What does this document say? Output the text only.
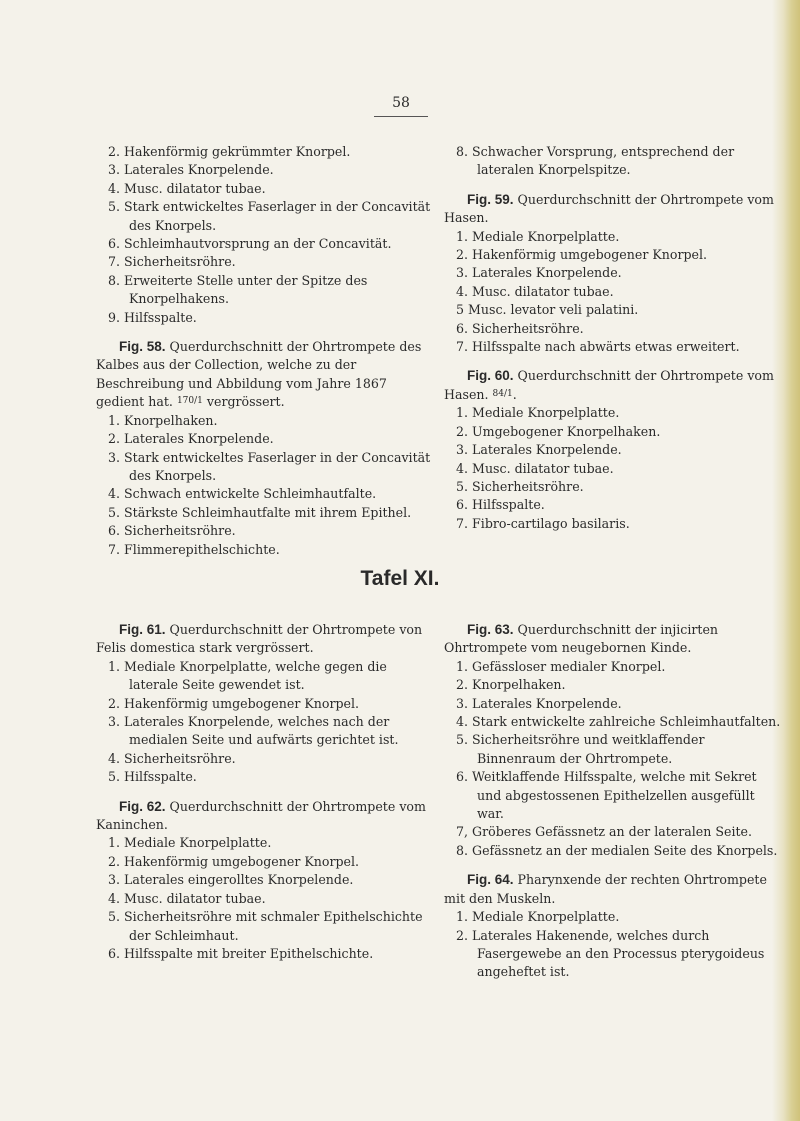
58

2. Hakenförmig gekrümmter Knorpel.

3. Laterales Knorpelende.

4. Musc. dilatator tubae.

5. Stark entwickeltes Faserlager in der Concavität des Knorpels.

6. Schleimhautvorsprung an der Concavität.

7. Sicherheitsröhre.

8. Erweiterte Stelle unter der Spitze des Knorpelhakens.

9. Hilfsspalte.

Fig. 58. Querdurchschnitt der Ohrtrompete des Kalbes aus der Collection, welche zu der Beschreibung und Abbildung vom Jahre 1867 gedient hat. 170/1 vergrössert.

1. Knorpelhaken.

2. Laterales Knorpelende.

3. Stark entwickeltes Faserlager in der Concavität des Knorpels.

4. Schwach entwickelte Schleimhautfalte.

5. Stärkste Schleimhautfalte mit ihrem Epithel.

6. Sicherheitsröhre.

7. Flimmerepithelschichte.

8. Schwacher Vorsprung, entsprechend der lateralen Knorpelspitze.

Fig. 59. Querdurchschnitt der Ohrtrompete vom Hasen.

1. Mediale Knorpelplatte.

2. Hakenförmig umgebogener Knorpel.

3. Laterales Knorpelende.

4. Musc. dilatator tubae.

5 Musc. levator veli palatini.

6. Sicherheitsröhre.

7. Hilfsspalte nach abwärts etwas erweitert.

Fig. 60. Querdurchschnitt der Ohrtrompete vom Hasen. 84/1.

1. Mediale Knorpelplatte.

2. Umgebogener Knorpelhaken.

3. Laterales Knorpelende.

4. Musc. dilatator tubae.

5. Sicherheitsröhre.

6. Hilfsspalte.

7. Fibro-cartilago basilaris.

Tafel XI.

Fig. 61. Querdurchschnitt der Ohrtrompete von Felis domestica stark vergrössert.

1. Mediale Knorpelplatte, welche gegen die laterale Seite gewendet ist.

2. Hakenförmig umgebogener Knorpel.

3. Laterales Knorpelende, welches nach der medialen Seite und aufwärts gerichtet ist.

4. Sicherheitsröhre.

5. Hilfsspalte.

Fig. 62. Querdurchschnitt der Ohrtrompete vom Kaninchen.

1. Mediale Knorpelplatte.

2. Hakenförmig umgebogener Knorpel.

3. Laterales eingerolltes Knorpelende.

4. Musc. dilatator tubae.

5. Sicherheitsröhre mit schmaler Epithelschichte der Schleimhaut.

6. Hilfsspalte mit breiter Epithelschichte.

Fig. 63. Querdurchschnitt der injicirten Ohrtrompete vom neugebornen Kinde.

1. Gefässloser medialer Knorpel.

2. Knorpelhaken.

3. Laterales Knorpelende.

4. Stark entwickelte zahlreiche Schleimhautfalten.

5. Sicherheitsröhre und weitklaffender Binnenraum der Ohrtrompete.

6. Weitklaffende Hilfsspalte, welche mit Sekret und abgestossenen Epithelzellen ausgefüllt war.

7, Gröberes Gefässnetz an der lateralen Seite.

8. Gefässnetz an der medialen Seite des Knorpels.

Fig. 64. Pharynxende der rechten Ohrtrompete mit den Muskeln.

1. Mediale Knorpelplatte.

2. Laterales Hakenende, welches durch Fasergewebe an den Processus pterygoideus angeheftet ist.
